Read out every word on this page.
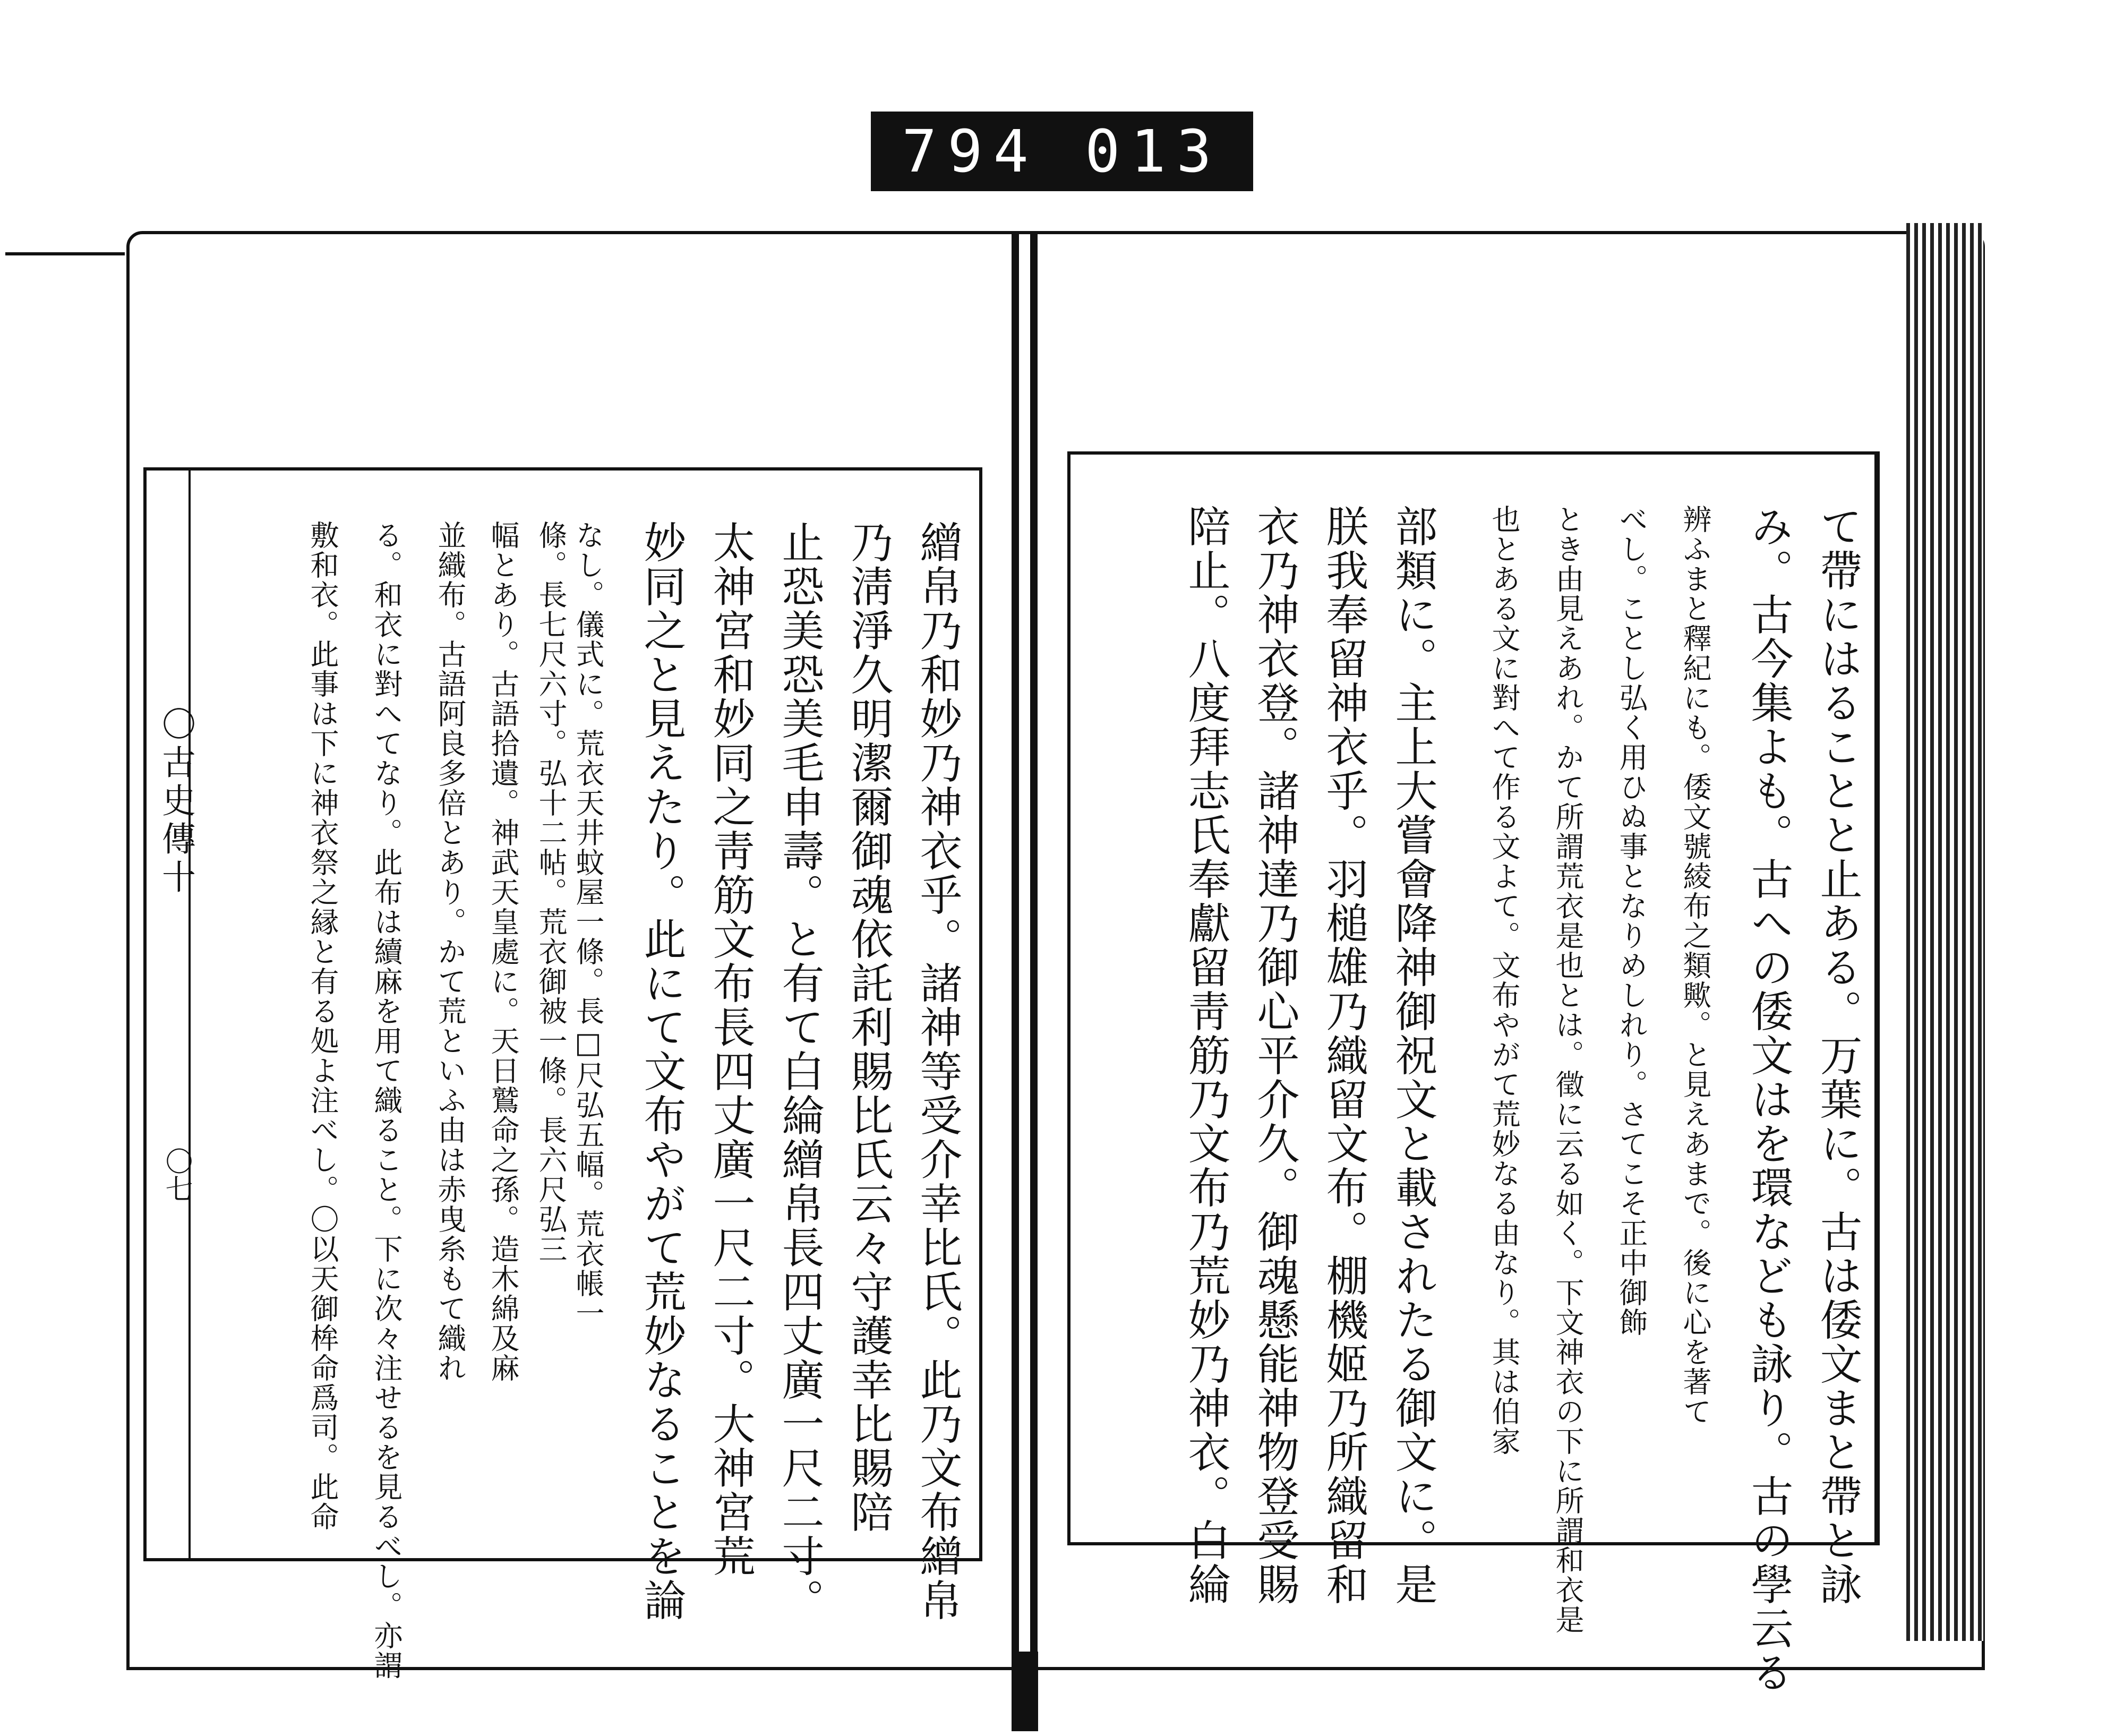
794 013
〇古史傳十
〇七	繒帛乃和妙乃神衣乎。諸神等受介幸比氏。此乃文布繒帛
乃淸淨久明潔爾御魂依託利賜比氏云々守護幸比賜陪
止恐美恐美毛申壽。と有て白綸繒帛長四丈廣一尺二寸。
太神宮和妙同之靑筋文布長四丈廣一尺二寸。大神宮荒
妙同之と見えたり。此にて文布やがて荒妙なることを論
なし。儀式に。荒衣天井蚊屋一條。長□尺弘五幅。荒衣帳一
條。長七尺六寸。弘十二帖。荒衣御被一條。長六尺弘三
幅とあり。古語拾遺。神武天皇處に。天日鷲命之孫。造木綿及麻
並織布。古語阿良多倍とあり。かて荒といふ由は赤曳糸もて織れ
る。和衣に對へてなり。此布は續麻を用て織ること。下に次々注せるを見るべし。亦謂
敷和衣。此事は下に神衣祭之縁と有る処よ注べし。〇以天御桙命爲司。此命	て帶にはることと止ある。万葉に。古は倭文まと帶と詠
み。古今集よも。古への倭文はを環なども詠り。古の學云る
辨ふまと釋紀にも。倭文號綾布之類歟。と見えあまで。後に心を著て
べし。ことし弘く用ひぬ事となりめしれり。さてこそ正中御飾
とき由見えあれ。かて所謂荒衣是也とは。徵に云る如く。下文神衣の下に所謂和衣是
也とある文に對へて作る文よて。文布やがて荒妙なる由なり。其は伯家
部類に。主上大嘗會降神御祝文と載されたる御文に。是
朕我奉留神衣乎。羽槌雄乃織留文布。棚機姬乃所織留和
衣乃神衣登。諸神達乃御心平介久。御魂懸能神物登受賜
陪止。八度拜志氏奉獻留靑筋乃文布乃荒妙乃神衣。白綸
